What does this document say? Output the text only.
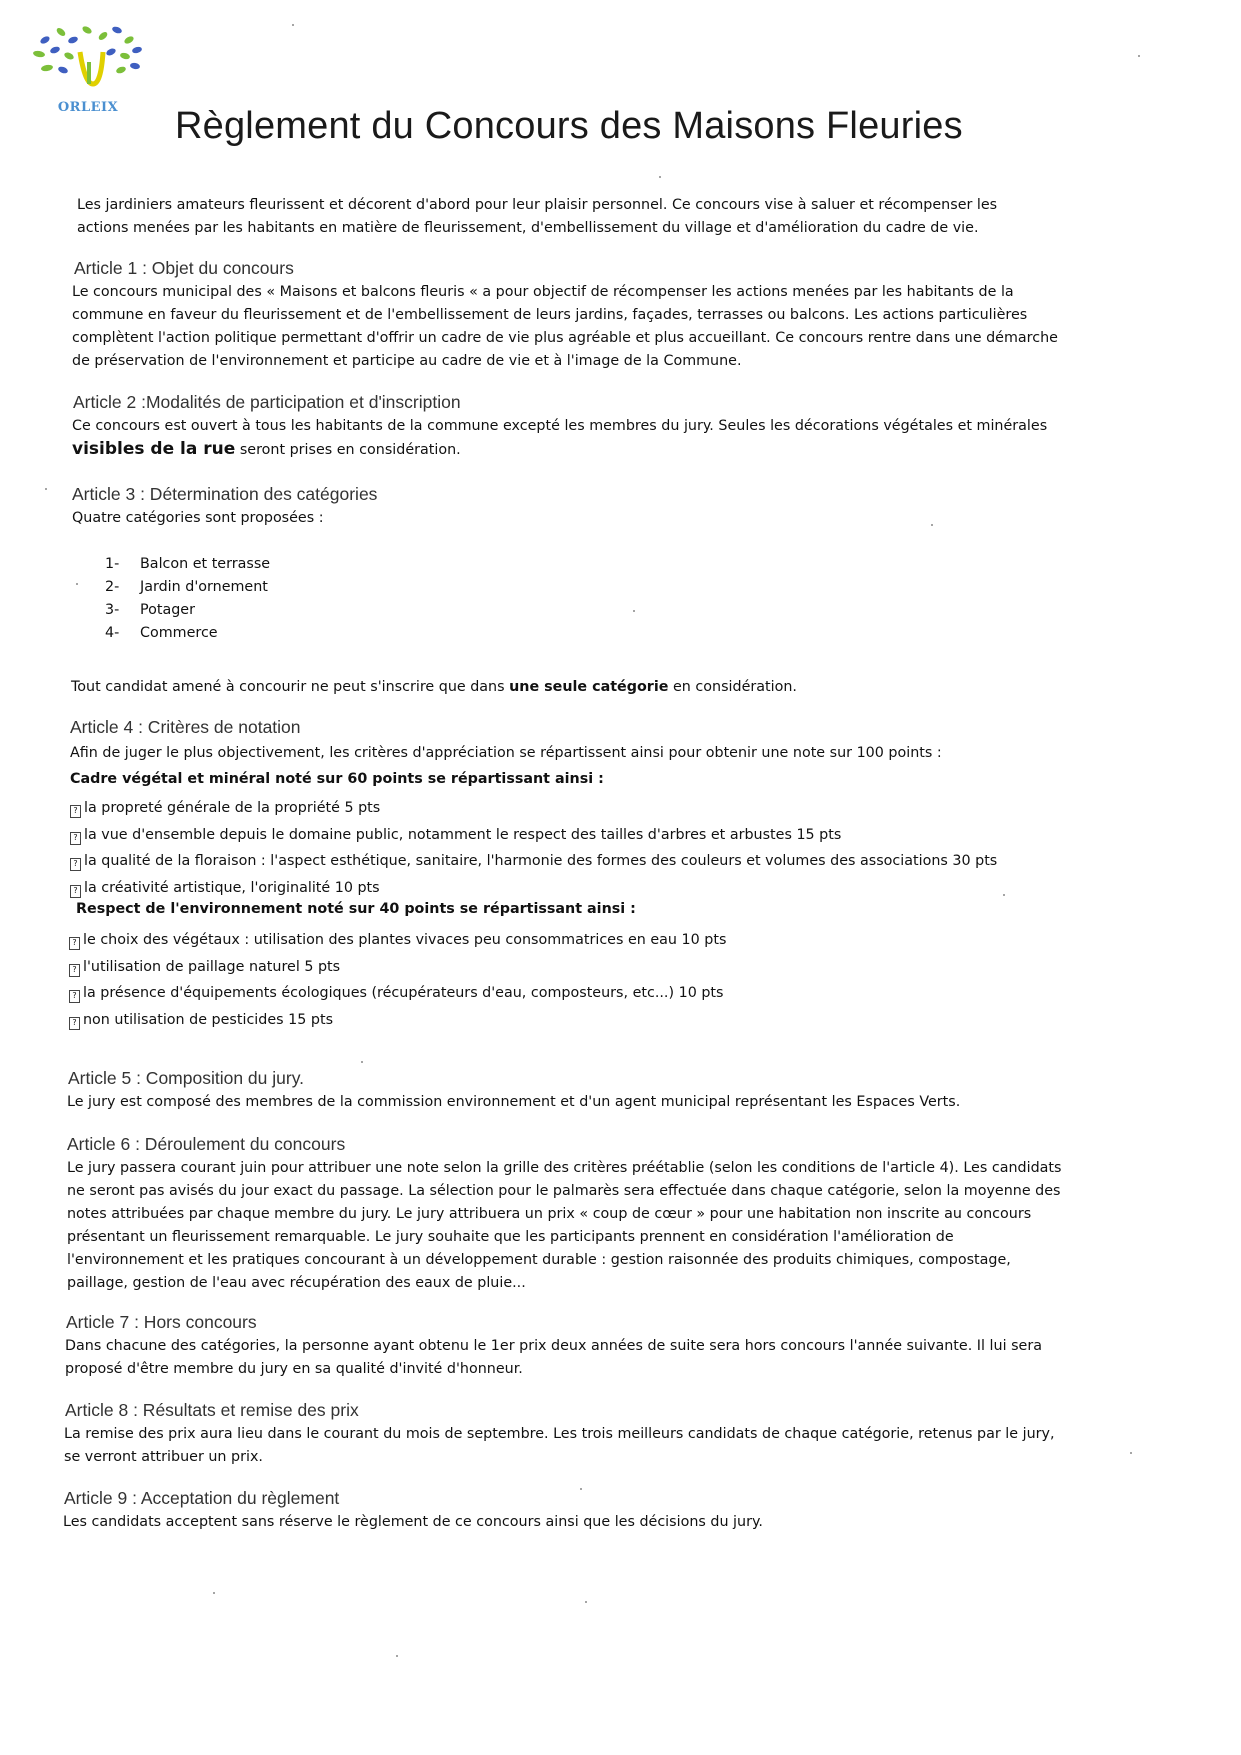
ORLEIX	Règlement du Concours des Maisons Fleuries
Les jardiniers amateurs fleurissent et décorent d'abord pour leur plaisir personnel. Ce concours vise à saluer et récompenser les actions menées par les habitants en matière de fleurissement, d'embellissement du village et d'amélioration du cadre de vie.
Article 1 : Objet du concours
Le concours municipal des « Maisons et balcons fleuris « a pour objectif de récompenser les actions menées par les habitants de la commune en faveur du fleurissement et de l'embellissement de leurs jardins, façades, terrasses ou balcons. Les actions particulières complètent l'action politique permettant d'offrir un cadre de vie plus agréable et plus accueillant. Ce concours rentre dans une démarche de préservation de l'environnement et participe au cadre de vie et à l'image de la Commune.
Article 2 :Modalités de participation et d'inscription
Ce concours est ouvert à tous les habitants de la commune excepté les membres du jury. Seules les décorations végétales et minérales
visibles de la rue seront prises en considération.
Article 3 : Détermination des catégories
Quatre catégories sont proposées :
1-	Balcon et terrasse
2-	Jardin d'ornement
3-	Potager
4-	Commerce
Tout candidat amené à concourir ne peut s'inscrire que dans une seule catégorie en considération.
Article 4 : Critères de notation
Afin de juger le plus objectivement, les critères d'appréciation se répartissent ainsi pour obtenir une note sur 100 points :
Cadre végétal et minéral noté sur 60 points se répartissant ainsi :
? la propreté générale de la propriété 5 pts
? la vue d'ensemble depuis le domaine public, notamment le respect des tailles d'arbres et arbustes 15 pts
? la qualité de la floraison : l'aspect esthétique, sanitaire, l'harmonie des formes des couleurs et volumes des associations 30 pts
? la créativité artistique, l'originalité 10 pts
Respect de l'environnement noté sur 40 points se répartissant ainsi :
? le choix des végétaux : utilisation des plantes vivaces peu consommatrices en eau 10 pts
? l'utilisation de paillage naturel 5 pts
? la présence d'équipements écologiques (récupérateurs d'eau, composteurs, etc...) 10 pts
? non utilisation de pesticides 15 pts
Article 5 : Composition du jury.
Le jury est composé des membres de la commission environnement et d'un agent municipal représentant les Espaces Verts.
Article 6 : Déroulement du concours
Le jury passera courant juin pour attribuer une note selon la grille des critères préétablie (selon les conditions de l'article 4). Les candidats ne seront pas avisés du jour exact du passage. La sélection pour le palmarès sera effectuée dans chaque catégorie, selon la moyenne des notes attribuées par chaque membre du jury. Le jury attribuera un prix « coup de cœur » pour une habitation non inscrite au concours présentant un fleurissement remarquable. Le jury souhaite que les participants prennent en considération l'amélioration de l'environnement et les pratiques concourant à un développement durable : gestion raisonnée des produits chimiques, compostage, paillage, gestion de l'eau avec récupération des eaux de pluie...
Article 7 : Hors concours
Dans chacune des catégories, la personne ayant obtenu le 1er prix deux années de suite sera hors concours l'année suivante. Il lui sera proposé d'être membre du jury en sa qualité d'invité d'honneur.
Article 8 : Résultats et remise des prix
La remise des prix aura lieu dans le courant du mois de septembre. Les trois meilleurs candidats de chaque catégorie, retenus par le jury, se verront attribuer un prix.
Article 9 : Acceptation du règlement
Les candidats acceptent sans réserve le règlement de ce concours ainsi que les décisions du jury.
